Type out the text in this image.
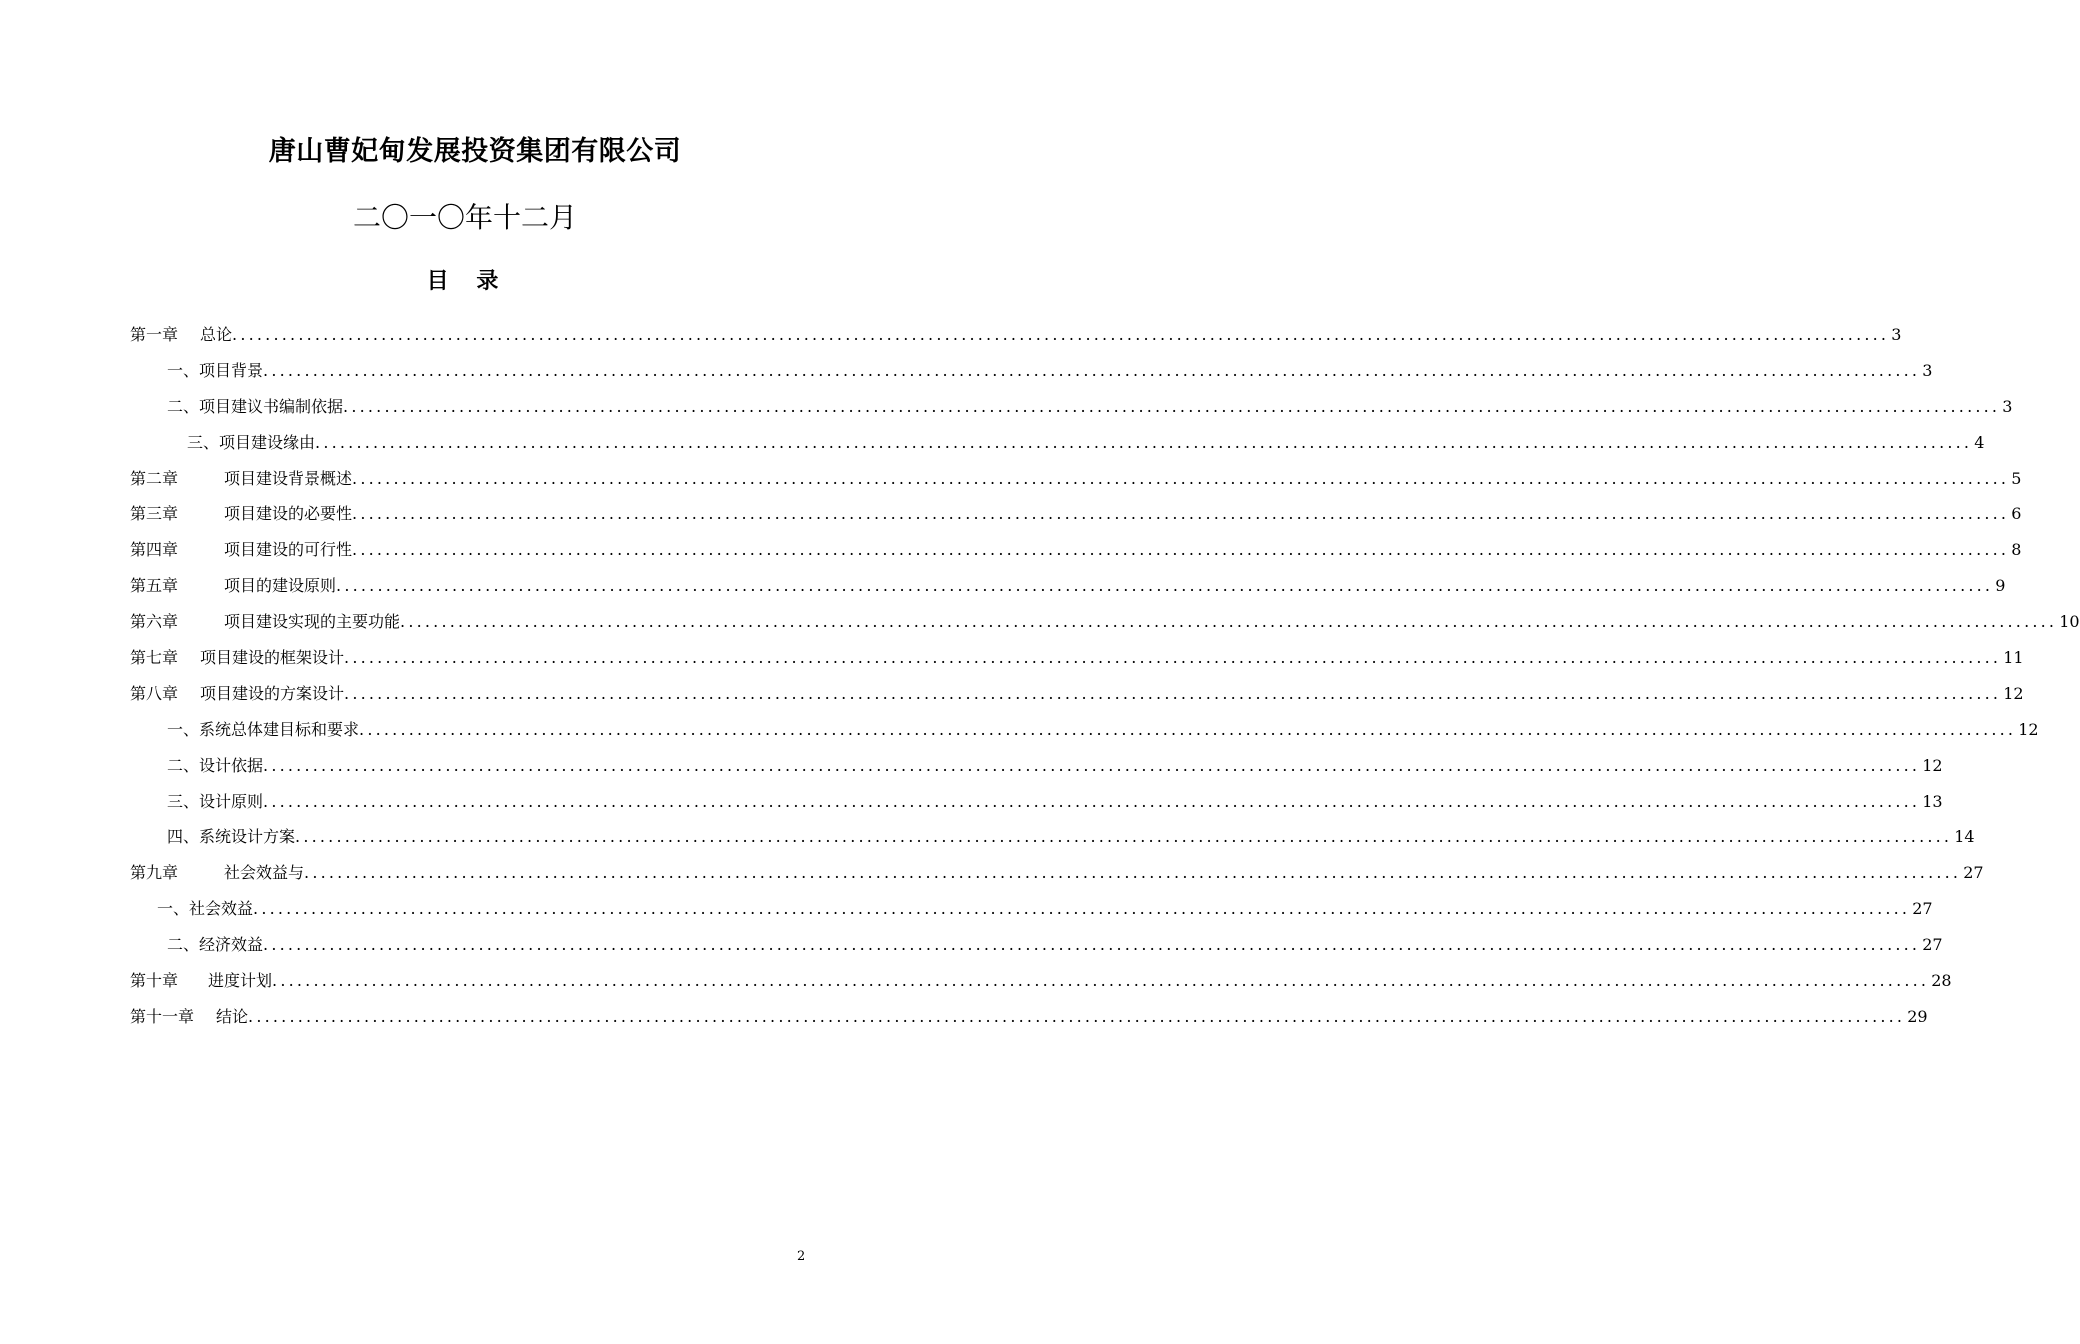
唐山曹妃甸发展投资集团有限公司
二〇一〇年十二月
目 录
第一章 总论 ........................................................................................................................................................................................................ 3
一、项目背景 ........................................................................................................................................................................................................ 3
二、项目建议书编制依据 ........................................................................................................................................................................................................ 3
三、项目建设缘由 ........................................................................................................................................................................................................ 4
第二章	项目建设背景概述 ........................................................................................................................................................................................................ 5
第三章	项目建设的必要性 ........................................................................................................................................................................................................ 6
第四章	项目建设的可行性 ........................................................................................................................................................................................................ 8
第五章	项目的建设原则 ........................................................................................................................................................................................................ 9
第六章	项目建设实现的主要功能 ........................................................................................................................................................................................................ 10
第七章 项目建设的框架设计 ........................................................................................................................................................................................................ 11
第八章 项目建设的方案设计 ........................................................................................................................................................................................................ 12
一、系统总体建目标和要求 ........................................................................................................................................................................................................ 12
二、设计依据 ........................................................................................................................................................................................................ 12
三、设计原则 ........................................................................................................................................................................................................ 13
四、系统设计方案 ........................................................................................................................................................................................................ 14
第九章	社会效益与 ........................................................................................................................................................................................................ 27
一、社会效益 ........................................................................................................................................................................................................ 27
二、经济效益 ........................................................................................................................................................................................................ 27
第十章 进度计划 ........................................................................................................................................................................................................ 28
第十一章 结论 ........................................................................................................................................................................................................ 29
2
